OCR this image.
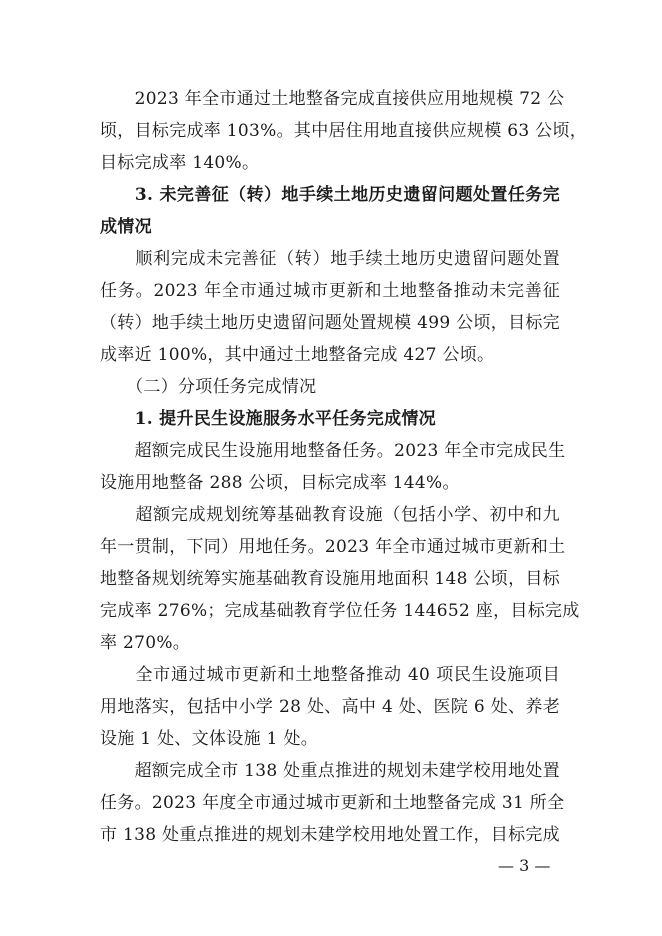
　　2023 年全市通过土地整备完成直接供应用地规模 72 公
顷，目标完成率 103%。其中居住用地直接供应规模 63 公顷，
目标完成率 140%。
　　3. 未完善征（转）地手续土地历史遗留问题处置任务完
成情况
　　顺利完成未完善征（转）地手续土地历史遗留问题处置
任务。2023 年全市通过城市更新和土地整备推动未完善征
（转）地手续土地历史遗留问题处置规模 499 公顷，目标完
成率近 100%，其中通过土地整备完成 427 公顷。
　　（二）分项任务完成情况
　　1. 提升民生设施服务水平任务完成情况
　　超额完成民生设施用地整备任务。2023 年全市完成民生
设施用地整备 288 公顷，目标完成率 144%。
　　超额完成规划统筹基础教育设施（包括小学、初中和九
年一贯制，下同）用地任务。2023 年全市通过城市更新和土
地整备规划统筹实施基础教育设施用地面积 148 公顷，目标
完成率 276%；完成基础教育学位任务 144652 座，目标完成
率 270%。
　　全市通过城市更新和土地整备推动 40 项民生设施项目
用地落实，包括中小学 28 处、高中 4 处、医院 6 处、养老
设施 1 处、文体设施 1 处。
　　超额完成全市 138 处重点推进的规划未建学校用地处置
任务。2023 年度全市通过城市更新和土地整备完成 31 所全
市 138 处重点推进的规划未建学校用地处置工作，目标完成
— 3 —
